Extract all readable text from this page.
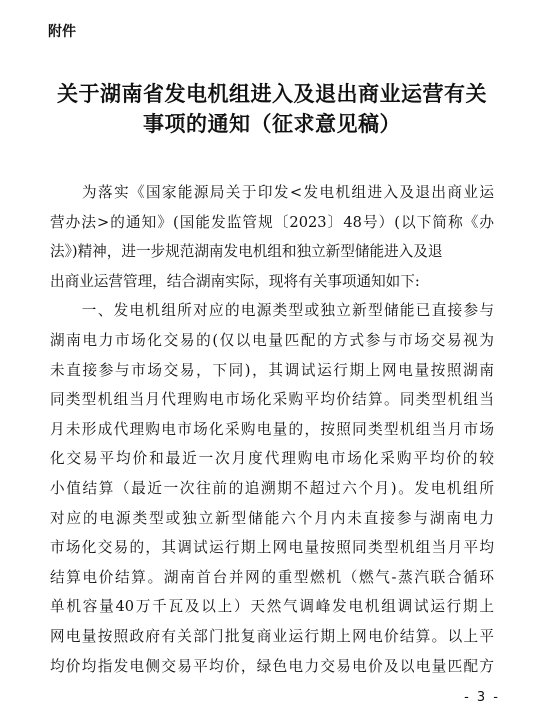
附件
关于湖南省发电机组进入及退出商业运营有关
事项的通知（征求意见稿）
　　为落实《国家能源局关于印发<发电机组进入及退出商业运
营办法>的通知》(国能发监管规〔2023〕48号）(以下简称《办
法》)精神，进一步规范湖南发电机组和独立新型储能进入及退
出商业运营管理，结合湖南实际，现将有关事项通知如下:
　　一、发电机组所对应的电源类型或独立新型储能已直接参与
湖南电力市场化交易的(仅以电量匹配的方式参与市场交易视为
未直接参与市场交易，下同)，其调试运行期上网电量按照湖南
同类型机组当月代理购电市场化采购平均价结算。同类型机组当
月未形成代理购电市场化采购电量的，按照同类型机组当月市场
化交易平均价和最近一次月度代理购电市场化采购平均价的较
小值结算（最近一次往前的追溯期不超过六个月)。发电机组所
对应的电源类型或独立新型储能六个月内未直接参与湖南电力
市场化交易的，其调试运行期上网电量按照同类型机组当月平均
结算电价结算。湖南首台并网的重型燃机（燃气-蒸汽联合循环
单机容量40万千瓦及以上）天然气调峰发电机组调试运行期上
网电量按照政府有关部门批复商业运行期上网电价结算。以上平
均价均指发电侧交易平均价，绿色电力交易电价及以电量匹配方
- 3 -
